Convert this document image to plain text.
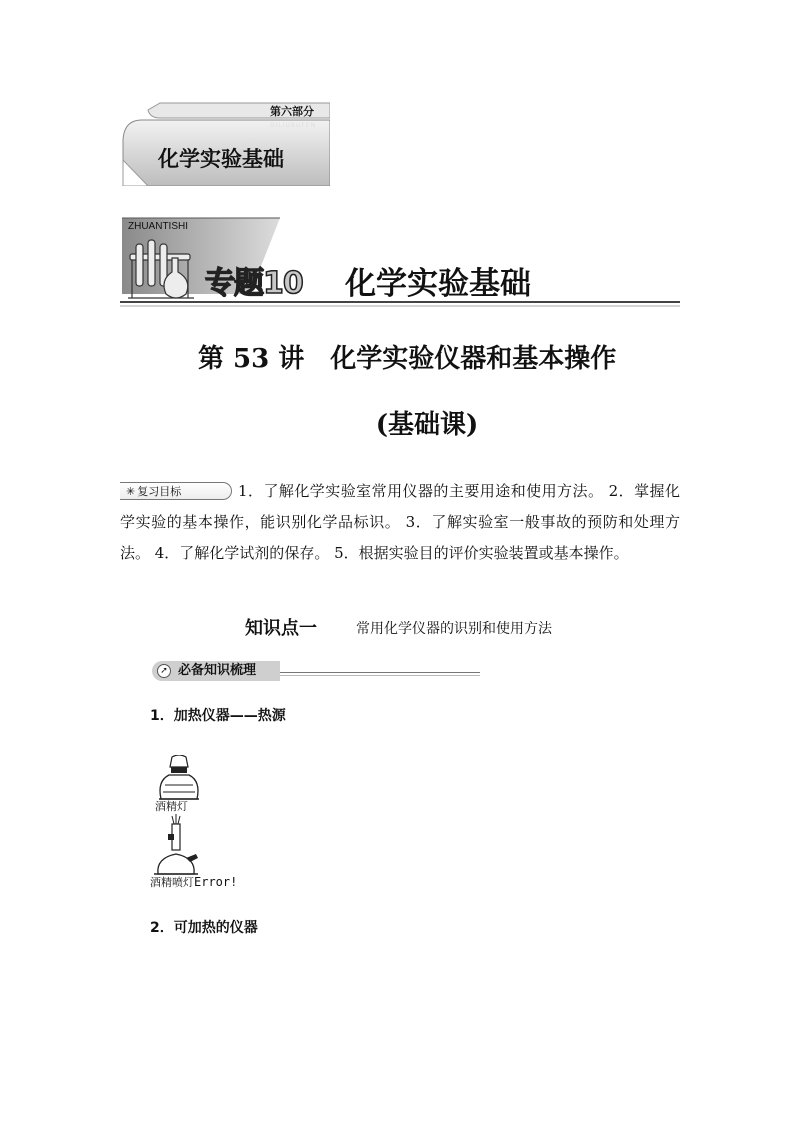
第六部分
DILIUBUFEN
化学实验基础
ZHUANTISHI
专题10 化学实验基础
第 53 讲　化学实验仪器和基本操作
(基础课)
✳ 复习目标	1．了解化学实验室常用仪器的主要用途和使用方法。 2．掌握化学实验的基本操作，能识别化学品标识。 3．了解实验室一般事故的预防和处理方法。 4．了解化学试剂的保存。 5．根据实验目的评价实验装置或基本操作。
知识点一	常用化学仪器的识别和使用方法
➚ 必备知识梳理
1．加热仪器——热源
酒精灯
酒精喷灯Error!
2．可加热的仪器
